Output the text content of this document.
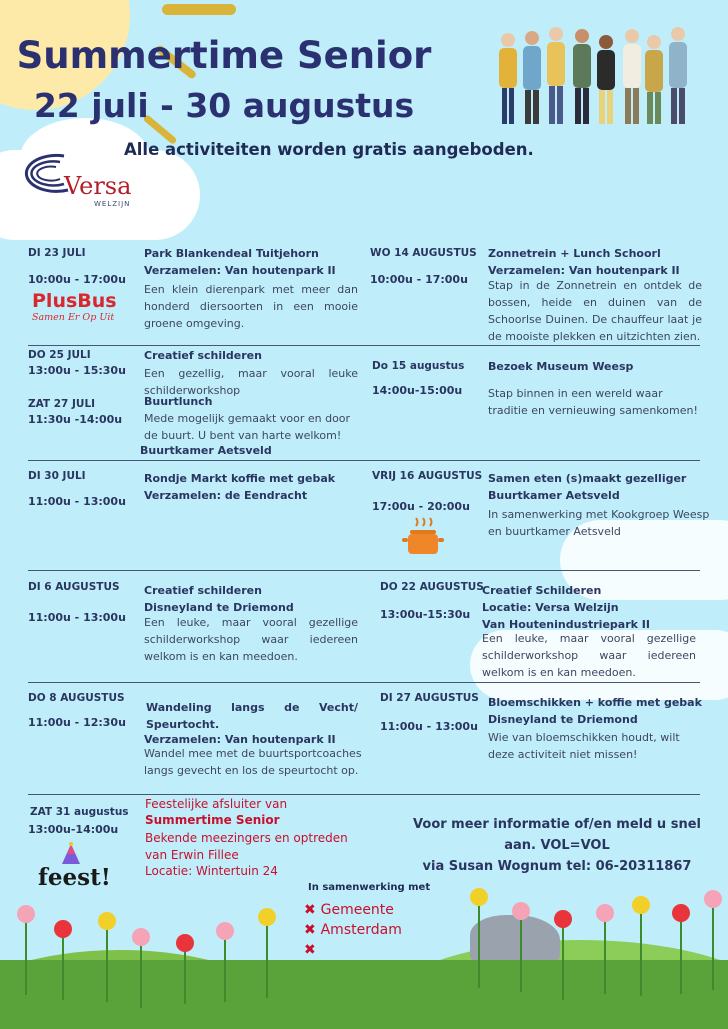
Summertime Senior
22 juli - 30 augustus
Alle activiteiten worden gratis aangeboden.
Versa
WELZIJN
DI 23 JULI
10:00u - 17:00u
PlusBus
Samen Er Op Uit
Park Blankendeal Tuitjehorn
Verzamelen: Van houtenpark II
Een klein dierenpark met meer dan honderd diersoorten in een mooie groene omgeving.
WO 14 AUGUSTUS
10:00u - 17:00u
Zonnetrein + Lunch Schoorl
Verzamelen: Van houtenpark II
Stap in de Zonnetrein en ontdek de bossen, heide en duinen van de Schoorlse Duinen. De chauffeur laat je de mooiste plekken en uitzichten zien.
DO 25 JULI
13:00u - 15:30u
ZAT 27 JULI
11:30u -14:00u
Creatief schilderen
Een gezellig, maar vooral leuke schilderworkshop
Buurtlunch
Mede mogelijk gemaakt voor en door de buurt. U bent van harte welkom!
Buurtkamer Aetsveld
Do 15 augustus
14:00u-15:00u
Bezoek Museum Weesp
Stap binnen in een wereld waar traditie en vernieuwing samenkomen!
DI 30 JULI
11:00u - 13:00u
Rondje Markt koffie met gebak
Verzamelen: de Eendracht
VRIJ 16 AUGUSTUS
17:00u - 20:00u
Samen eten (s)maakt gezelliger
Buurtkamer Aetsveld
In samenwerking met Kookgroep Weesp en buurtkamer Aetsveld
DI 6 AUGUSTUS
11:00u - 13:00u
Creatief schilderen
Disneyland te Driemond
Een leuke, maar vooral gezellige schilderworkshop waar iedereen welkom is en kan meedoen.
DO 22 AUGUSTUS
13:00u-15:30u
Creatief Schilderen
Locatie: Versa Welzijn
Van Houtenindustriepark II
Een leuke, maar vooral gezellige schilderworkshop waar iedereen welkom is en kan meedoen.
DO 8 AUGUSTUS
11:00u - 12:30u
Wandeling langs de Vecht/ Speurtocht.
Verzamelen: Van houtenpark II
Wandel mee met de buurtsportcoaches langs gevecht en los de speurtocht op.
DI 27 AUGUSTUS
11:00u - 13:00u
Bloemschikken + koffie met gebak
Disneyland te Driemond
Wie van bloemschikken houdt, wilt deze activiteit niet missen!
ZAT 31 augustus
13:00u-14:00u
feest!
Feestelijke afsluiter van
Summertime Senior
Bekende meezingers en optreden van Erwin Fillee
Locatie: Wintertuin 24
Voor meer informatie of/en meld u snel
aan. VOL=VOL
via Susan Wognum tel: 06-20311867
In samenwerking met
✖ Gemeente
✖ Amsterdam
✖
